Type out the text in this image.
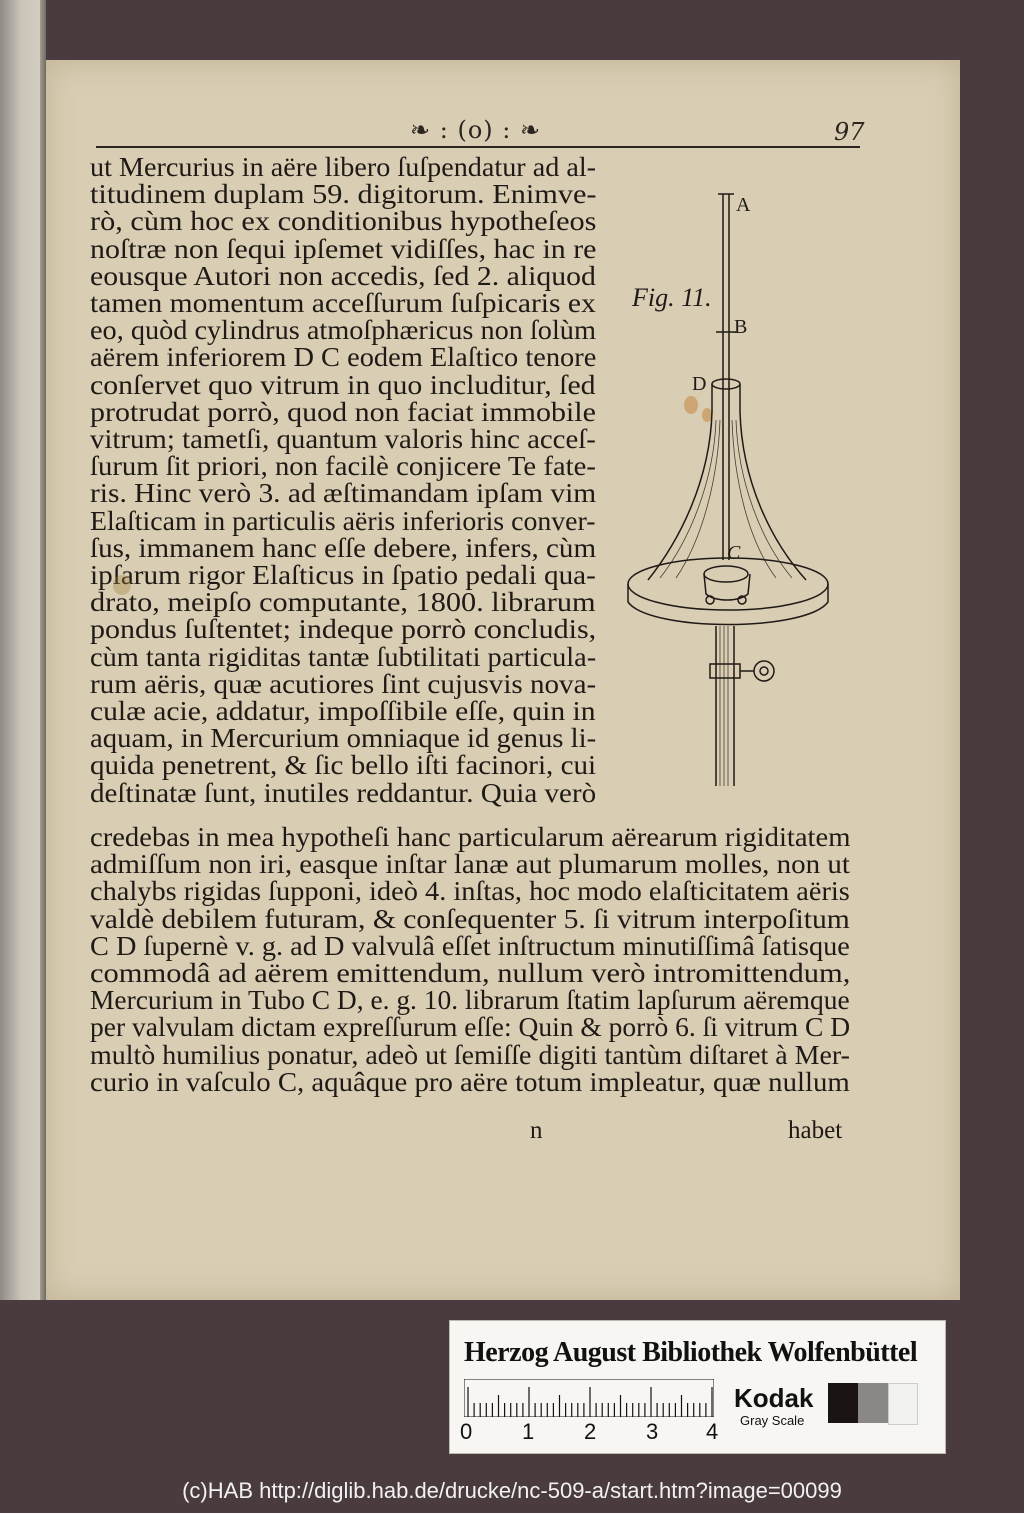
❧ : (o) : ❧	97
ut Mercurius in aëre libero ſuſpendatur ad al-
titudinem duplam 59. digitorum. Enimve-
rò, cùm hoc ex conditionibus hypotheſeos
noſtræ non ſequi ipſemet vidiſſes, hac in re
eousque Autori non accedis, ſed 2. aliquod
tamen momentum acceſſurum ſuſpicaris ex
eo, quòd cylindrus atmoſphæricus non ſolùm
aërem inferiorem D C eodem Elaſtico tenore
conſervet quo vitrum in quo includitur, ſed
protrudat porrò, quod non faciat immobile
vitrum; tametſi, quantum valoris hinc acceſ-
ſurum ſit priori, non facilè conjicere Te fate-
ris. Hinc verò 3. ad æſtimandam ipſam vim
Elaſticam in particulis aëris inferioris conver-
ſus, immanem hanc eſſe debere, infers, cùm
ipſarum rigor Elaſticus in ſpatio pedali qua-
drato, meipſo computante, 1800. librarum
pondus ſuſtentet; indeque porrò concludis,
cùm tanta rigiditas tantæ ſubtilitati particula-
rum aëris, quæ acutiores ſint cujusvis nova-
culæ acie, addatur, impoſſibile eſſe, quin in
aquam, in Mercurium omniaque id genus li-
quida penetrent, & ſic bello iſti facinori, cui
deſtinatæ ſunt, inutiles reddantur. Quia verò
credebas in mea hypotheſi hanc particularum aërearum rigiditatem
admiſſum non iri, easque inſtar lanæ aut plumarum molles, non ut
chalybs rigidas ſupponi, ideò 4. inſtas, hoc modo elaſticitatem aëris
valdè debilem futuram, & conſequenter 5. ſi vitrum interpoſitum
C D ſupernè v. g. ad D valvulâ eſſet inſtructum minutiſſimâ ſatisque
commodâ ad aërem emittendum, nullum verò intromittendum,
Mercurium in Tubo C D, e. g. 10. librarum ſtatim lapſurum aëremque
per valvulam dictam expreſſurum eſſe: Quin & porrò 6. ſi vitrum C D
multò humilius ponatur, adeò ut ſemiſſe digiti tantùm diſtaret à Mer-
curio in vaſculo C, aquâque pro aëre totum impleatur, quæ nullum
n	habet
Fig. 11.
A
B
D
C
Herzog August Bibliothek Wolfenbüttel
0 1 2 3 4
Kodak
Gray Scale
(c)HAB http://diglib.hab.de/drucke/nc-509-a/start.htm?image=00099
